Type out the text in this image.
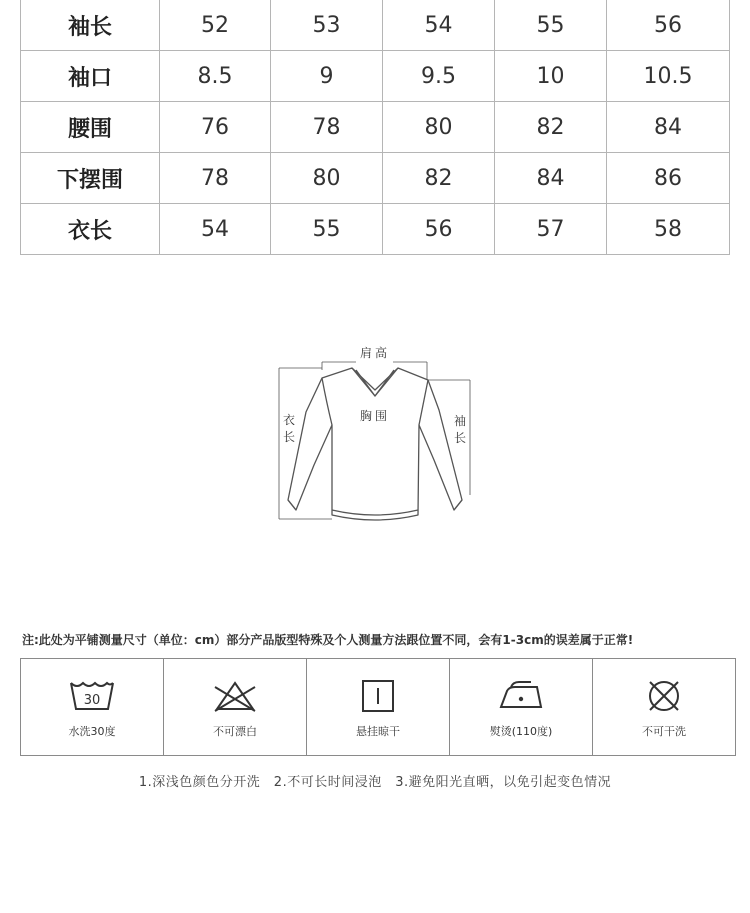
袖长	52	53	54	55	56
袖口	8.5	9	9.5	10	10.5
腰围	76	78	80	82	84
下摆围	78	80	82	84	86
衣长	54	55	56	57	58
肩高
胸围
衣
长
袖
长
注:此处为平铺测量尺寸（单位：cm）部分产品版型特殊及个人测量方法跟位置不同，会有1-3cm的误差属于正常!
30
水洗30度	不可漂白	悬挂晾干	熨烫(110度)	不可干洗
1.深浅色颜色分开洗　2.不可长时间浸泡　3.避免阳光直晒，以免引起变色情况
